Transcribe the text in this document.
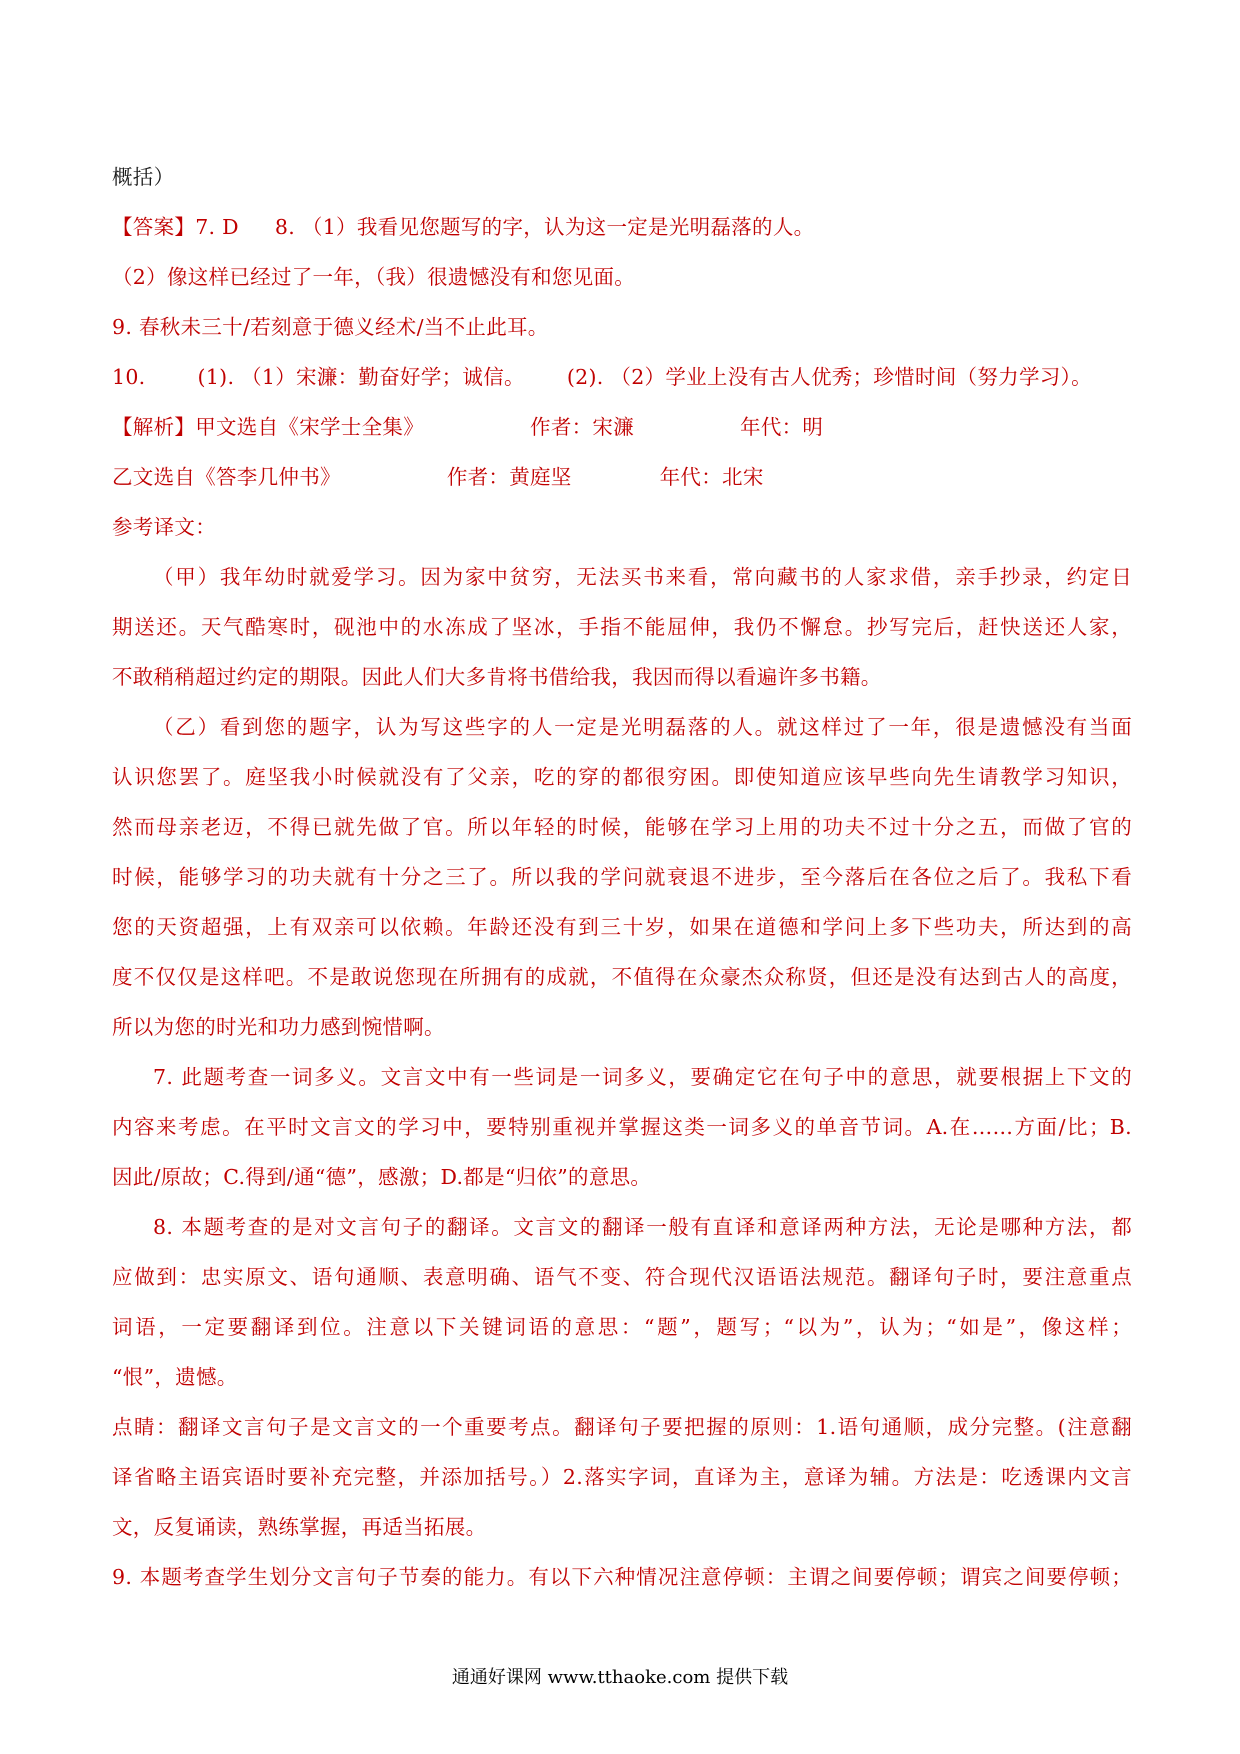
概括）
【答案】7. D 8. （1）我看见您题写的字，认为这一定是光明磊落的人。
（2）像这样已经过了一年，（我）很遗憾没有和您见面。
9. 春秋未三十/若刻意于德义经术/当不止此耳。
10.	(1). （1）宋濂：勤奋好学；诚信。 (2). （2）学业上没有古人优秀；珍惜时间（努力学习）。
【解析】甲文选自《宋学士全集》	作者：宋濂	年代：明
乙文选自《答李几仲书》	作者：黄庭坚	年代：北宋
参考译文：
（甲）我年幼时就爱学习。因为家中贫穷，无法买书来看，常向藏书的人家求借，亲手抄录，约定日
期送还。天气酷寒时，砚池中的水冻成了坚冰，手指不能屈伸，我仍不懈怠。抄写完后，赶快送还人家，
不敢稍稍超过约定的期限。因此人们大多肯将书借给我，我因而得以看遍许多书籍。
（乙）看到您的题字，认为写这些字的人一定是光明磊落的人。就这样过了一年，很是遗憾没有当面
认识您罢了。庭坚我小时候就没有了父亲，吃的穿的都很穷困。即使知道应该早些向先生请教学习知识，
然而母亲老迈，不得已就先做了官。所以年轻的时候，能够在学习上用的功夫不过十分之五，而做了官的
时候，能够学习的功夫就有十分之三了。所以我的学问就衰退不进步，至今落后在各位之后了。我私下看
您的天资超强，上有双亲可以依赖。年龄还没有到三十岁，如果在道德和学问上多下些功夫，所达到的高
度不仅仅是这样吧。不是敢说您现在所拥有的成就，不值得在众豪杰众称贤，但还是没有达到古人的高度，
所以为您的时光和功力感到惋惜啊。
7. 此题考查一词多义。文言文中有一些词是一词多义，要确定它在句子中的意思，就要根据上下文的
内容来考虑。在平时文言文的学习中，要特别重视并掌握这类一词多义的单音节词。A.在……方面/比；B.
因此/原故；C.得到/通“德”，感激；D.都是“归依”的意思。
8. 本题考查的是对文言句子的翻译。文言文的翻译一般有直译和意译两种方法，无论是哪种方法，都
应做到：忠实原文、语句通顺、表意明确、语气不变、符合现代汉语语法规范。翻译句子时，要注意重点
词语，一定要翻译到位。注意以下关键词语的意思：“题”，题写；“以为”，认为；“如是”，像这样；
“恨”，遗憾。
点睛：翻译文言句子是文言文的一个重要考点。翻译句子要把握的原则：1.语句通顺，成分完整。(注意翻
译省略主语宾语时要补充完整，并添加括号。）2.落实字词，直译为主，意译为辅。方法是：吃透课内文言
文，反复诵读，熟练掌握，再适当拓展。
9. 本题考查学生划分文言句子节奏的能力。有以下六种情况注意停顿：主谓之间要停顿；谓宾之间要停顿；
通通好课网 www.tthaoke.com 提供下载
